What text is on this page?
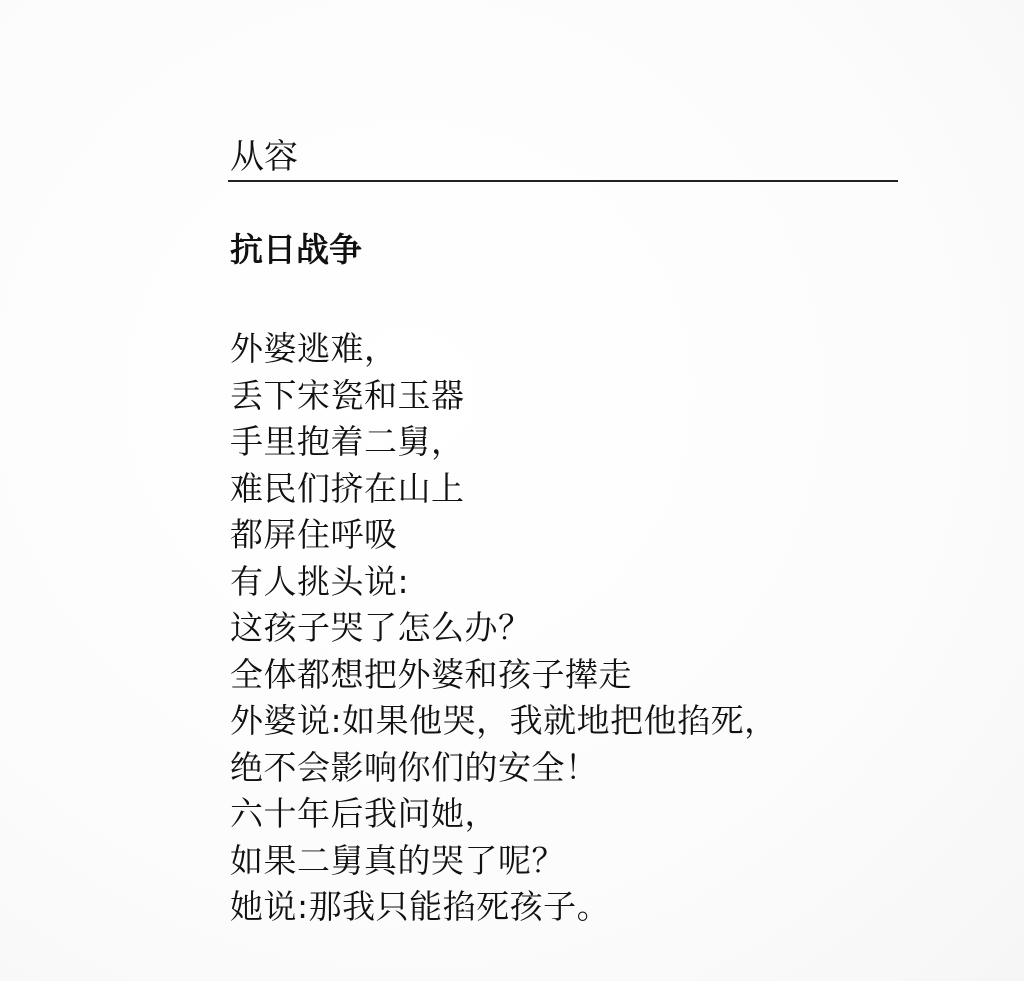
从容
抗日战争
外婆逃难，
丢下宋瓷和玉器
手里抱着二舅，
难民们挤在山上
都屏住呼吸
有人挑头说:
这孩子哭了怎么办？
全体都想把外婆和孩子撵走
外婆说:如果他哭，我就地把他掐死，
绝不会影响你们的安全！
六十年后我问她，
如果二舅真的哭了呢？
她说:那我只能掐死孩子。
